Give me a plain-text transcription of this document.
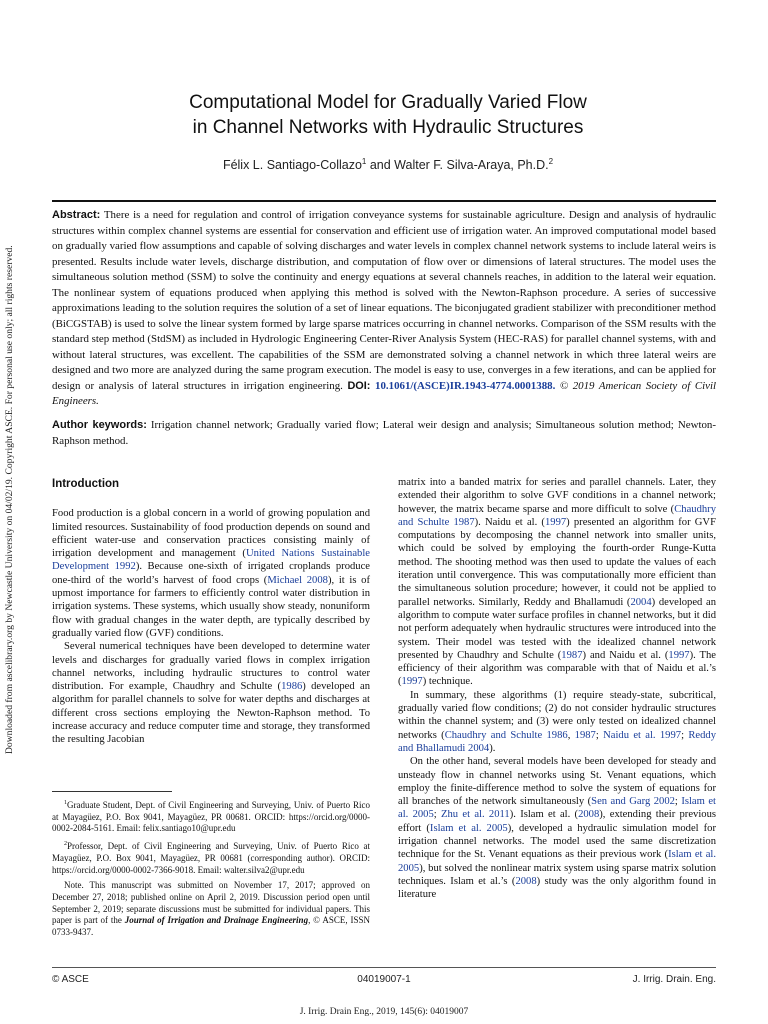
Downloaded from ascelibrary.org by Newcastle University on 04/02/19. Copyright ASCE. For personal use only; all rights reserved.
Computational Model for Gradually Varied Flow
in Channel Networks with Hydraulic Structures
Félix L. Santiago-Collazo$^1$ and Walter F. Silva-Araya, Ph.D.$^2$

Abstract: There is a need for regulation and control of irrigation conveyance systems for sustainable agriculture. Design and analysis of hydraulic structures within complex channel systems are essential for conservation and efficient use of irrigation water. An improved computational model based on gradually varied flow assumptions and capable of solving discharges and water levels in complex channel network systems to include lateral weirs is presented. Results include water levels, discharge distribution, and computation of flow over or dimensions of lateral structures. The model uses the simultaneous solution method (SSM) to solve the continuity and energy equations at several channels reaches, in addition to the lateral weir equation. The nonlinear system of equations produced when applying this method is solved with the Newton-Raphson procedure. A series of successive approximations leading to the solution requires the solution of a set of linear equations. The biconjugated gradient stabilizer with preconditioner method (BiCGSTAB) is used to solve the linear system formed by large sparse matrices occurring in channel networks. Comparison of the SSM results with the standard step method (StdSM) as included in Hydrologic Engineering Center-River Analysis System (HEC-RAS) for parallel channel systems, with and without lateral structures, was excellent. The capabilities of the SSM are demonstrated solving a channel network in which three lateral weirs are designed and two more are analyzed during the same program execution. The model is easy to use, converges in a few iterations, and can be applied for design or analysis of lateral structures in irrigation engineering. DOI: 10.1061/(ASCE)IR.1943-4774.0001388. © 2019 American Society of Civil Engineers.

Author keywords: Irrigation channel network; Gradually varied flow; Lateral weir design and analysis; Simultaneous solution method; Newton-Raphson method.

Introduction

Food production is a global concern in a world of growing population and limited resources. Sustainability of food production depends on sound and efficient water-use and conservation practices consisting mainly of irrigation development and management (United Nations Sustainable Development 1992). Because one-sixth of irrigated croplands produce one-third of the world’s harvest of food crops (Michael 2008), it is of upmost importance for farmers to efficiently control water distribution in irrigation systems. These systems, which usually show steady, nonuniform flow with gradual changes in the water depth, are typically described by gradually varied flow (GVF) conditions.

Several numerical techniques have been developed to determine water levels and discharges for gradually varied flows in complex irrigation channel networks, including hydraulic structures to control water distribution. For example, Chaudhry and Schulte (1986) developed an algorithm for parallel channels to solve for water depths and discharges at different cross sections employing the Newton-Raphson method. To increase accuracy and reduce computer time and storage, they transformed the resulting Jacobian

$^1$Graduate Student, Dept. of Civil Engineering and Surveying, Univ. of Puerto Rico at Mayagüez, P.O. Box 9041, Mayagüez, PR 00681. ORCID: https://orcid.org/0000-0002-2084-5161. Email: felix.santiago10@upr.edu

$^2$Professor, Dept. of Civil Engineering and Surveying, Univ. of Puerto Rico at Mayagüez, P.O. Box 9041, Mayagüez, PR 00681 (corresponding author). ORCID: https://orcid.org/0000-0002-7366-9018. Email: walter.silva2@upr.edu

Note. This manuscript was submitted on November 17, 2017; approved on December 27, 2018; published online on April 2, 2019. Discussion period open until September 2, 2019; separate discussions must be submitted for individual papers. This paper is part of the Journal of Irrigation and Drainage Engineering, © ASCE, ISSN 0733-9437.

matrix into a banded matrix for series and parallel channels. Later, they extended their algorithm to solve GVF conditions in a channel network; however, the matrix became sparse and more difficult to solve (Chaudhry and Schulte 1987). Naidu et al. (1997) presented an algorithm for GVF computations by decomposing the channel network into smaller units, which could be solved by employing the fourth-order Runge-Kutta method. The shooting method was then used to update the values of each iteration until convergence. This was computationally more efficient than the simultaneous solution procedure; however, it could not be applied to parallel networks. Similarly, Reddy and Bhallamudi (2004) developed an algorithm to compute water surface profiles in channel networks, but it did not perform adequately when hydraulic structures were introduced into the system. Their model was tested with the idealized channel network presented by Chaudhry and Schulte (1987) and Naidu et al. (1997). The efficiency of their algorithm was comparable with that of Naidu et al.’s (1997) technique.

In summary, these algorithms (1) require steady-state, subcritical, gradually varied flow conditions; (2) do not consider hydraulic structures within the channel system; and (3) were only tested on idealized channel networks (Chaudhry and Schulte 1986, 1987; Naidu et al. 1997; Reddy and Bhallamudi 2004).

On the other hand, several models have been developed for steady and unsteady flow in channel networks using St. Venant equations, which employ the finite-difference method to solve the system of equations for all branches of the network simultaneously (Sen and Garg 2002; Islam et al. 2005; Zhu et al. 2011). Islam et al. (2008), extending their previous effort (Islam et al. 2005), developed a hydraulic simulation model for irrigation channel networks. The model used the same discretization technique for the St. Venant equations as their previous work (Islam et al. 2005), but solved the nonlinear matrix system using sparse matrix solution techniques. Islam et al.’s (2008) study was the only algorithm found in literature

© ASCE	04019007-1	J. Irrig. Drain. Eng.
J. Irrig. Drain Eng., 2019, 145(6): 04019007
